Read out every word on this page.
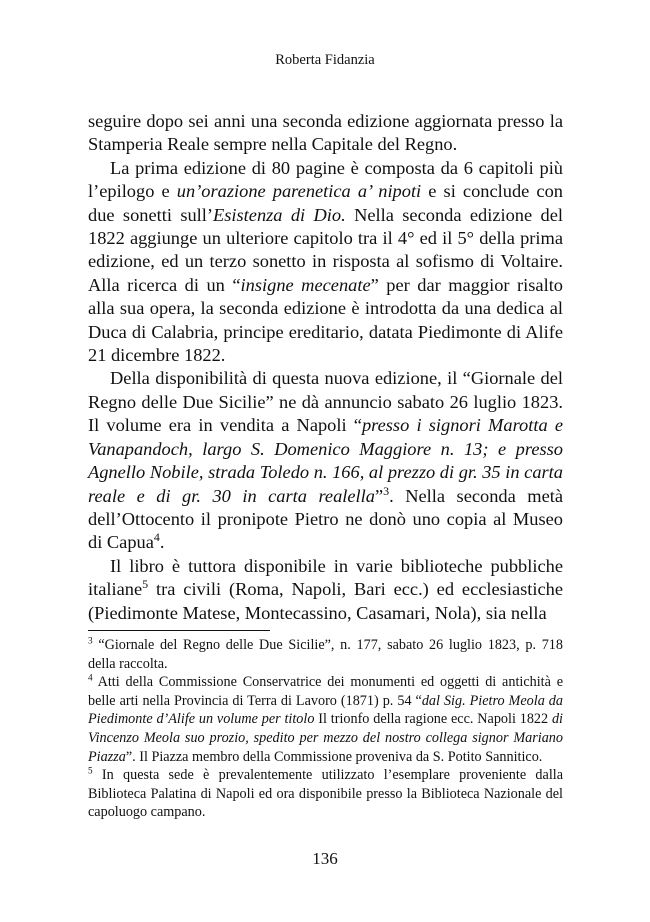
Roberta Fidanzia

seguire dopo sei anni una seconda edizione aggiornata presso la Stamperia Reale sempre nella Capitale del Regno.

La prima edizione di 80 pagine è composta da 6 capitoli più l’epilogo e un’orazione parenetica a’ nipoti e si conclude con due sonetti sull’Esistenza di Dio. Nella seconda edizione del 1822 aggiunge un ulteriore capitolo tra il 4° ed il 5° della prima edizione, ed un terzo sonetto in risposta al sofismo di Voltaire. Alla ricerca di un “insigne mecenate” per dar maggior risalto alla sua opera, la seconda edizione è introdotta da una dedica al Duca di Calabria, principe ereditario, datata Piedimonte di Alife 21 dicembre 1822.

Della disponibilità di questa nuova edizione, il “Giornale del Regno delle Due Sicilie” ne dà annuncio sabato 26 luglio 1823. Il volume era in vendita a Napoli “presso i signori Marotta e Vanapandoch, largo S. Domenico Maggiore n. 13; e presso Agnello Nobile, strada Toledo n. 166, al prezzo di gr. 35 in carta reale e di gr. 30 in carta realella”$^3$. Nella seconda metà dell’Ottocento il pronipote Pietro ne donò uno copia al Museo di Capua$^4$.

Il libro è tuttora disponibile in varie biblioteche pubbliche italiane$^5$ tra civili (Roma, Napoli, Bari ecc.) ed ecclesiastiche (Piedimonte Matese, Montecassino, Casamari, Nola), sia nella

$^3$ “Giornale del Regno delle Due Sicilie”, n. 177, sabato 26 luglio 1823, p. 718 della raccolta.

$^4$ Atti della Commissione Conservatrice dei monumenti ed oggetti di antichità e belle arti nella Provincia di Terra di Lavoro (1871) p. 54 “dal Sig. Pietro Meola da Piedimonte d’Alife un volume per titolo Il trionfo della ragione ecc. Napoli 1822 di Vincenzo Meola suo prozio, spedito per mezzo del nostro collega signor Mariano Piazza”. Il Piazza membro della Commissione proveniva da S. Potito Sannitico.

$^5$ In questa sede è prevalentemente utilizzato l’esemplare proveniente dalla Biblioteca Palatina di Napoli ed ora disponibile presso la Biblioteca Nazionale del capoluogo campano.

136
